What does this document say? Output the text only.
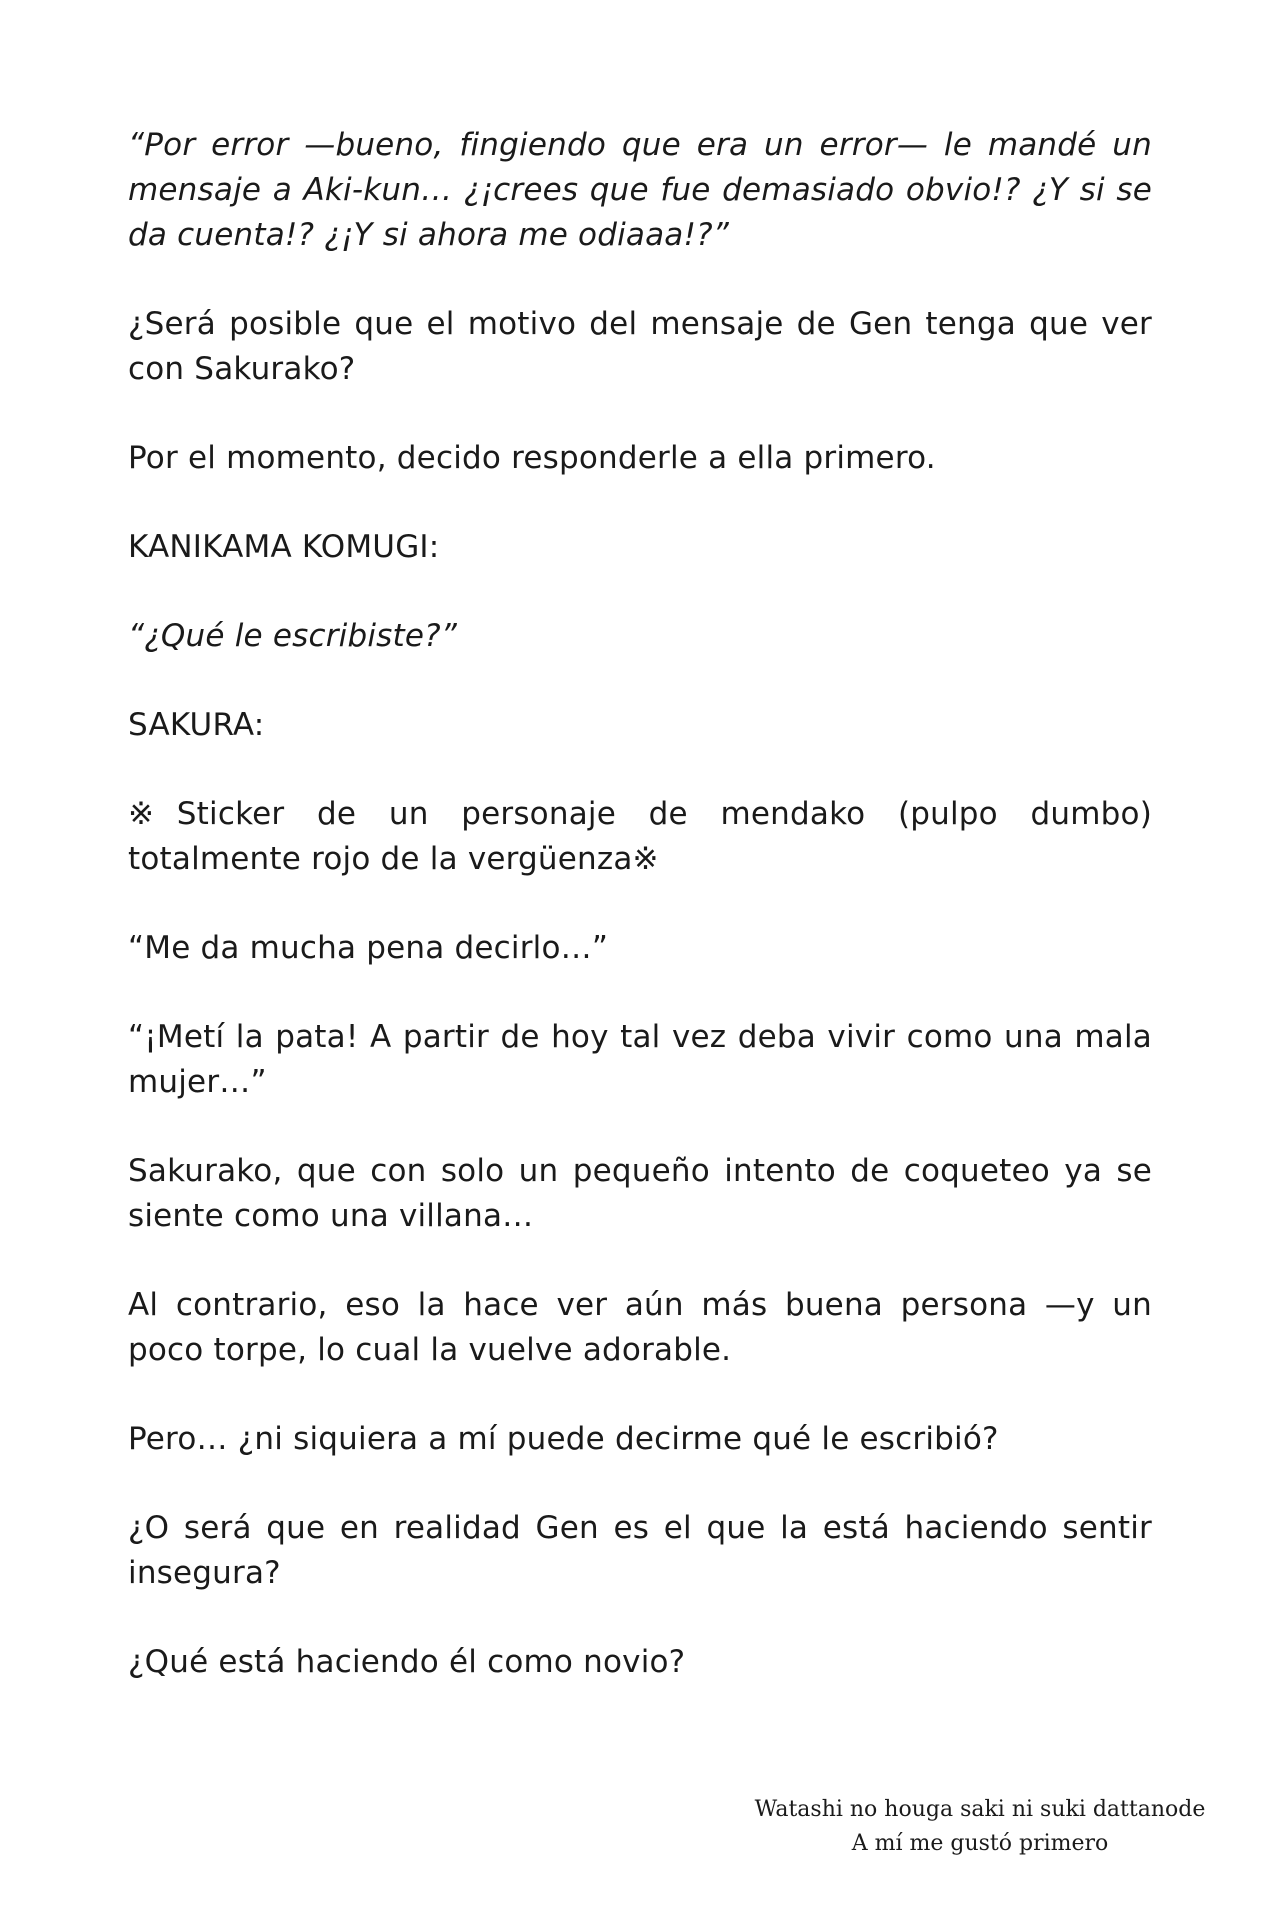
“Por error —bueno, fingiendo que era un error— le mandé un mensaje a Aki-kun… ¿¡crees que fue demasiado obvio!? ¿Y si se da cuenta!? ¿¡Y si ahora me odiaaa!?”

¿Será posible que el motivo del mensaje de Gen tenga que ver con Sakurako?

Por el momento, decido responderle a ella primero.

KANIKAMA KOMUGI:

“¿Qué le escribiste?”

SAKURA:

※Sticker de un personaje de mendako (pulpo dumbo) totalmente rojo de la vergüenza※

“Me da mucha pena decirlo…”

“¡Metí la pata! A partir de hoy tal vez deba vivir como una mala mujer…”

Sakurako, que con solo un pequeño intento de coqueteo ya se siente como una villana…

Al contrario, eso la hace ver aún más buena persona —y un poco torpe, lo cual la vuelve adorable.

Pero… ¿ni siquiera a mí puede decirme qué le escribió?

¿O será que en realidad Gen es el que la está haciendo sentir insegura?

¿Qué está haciendo él como novio?

Watashi no houga saki ni suki dattanode
A mí me gustó primero
